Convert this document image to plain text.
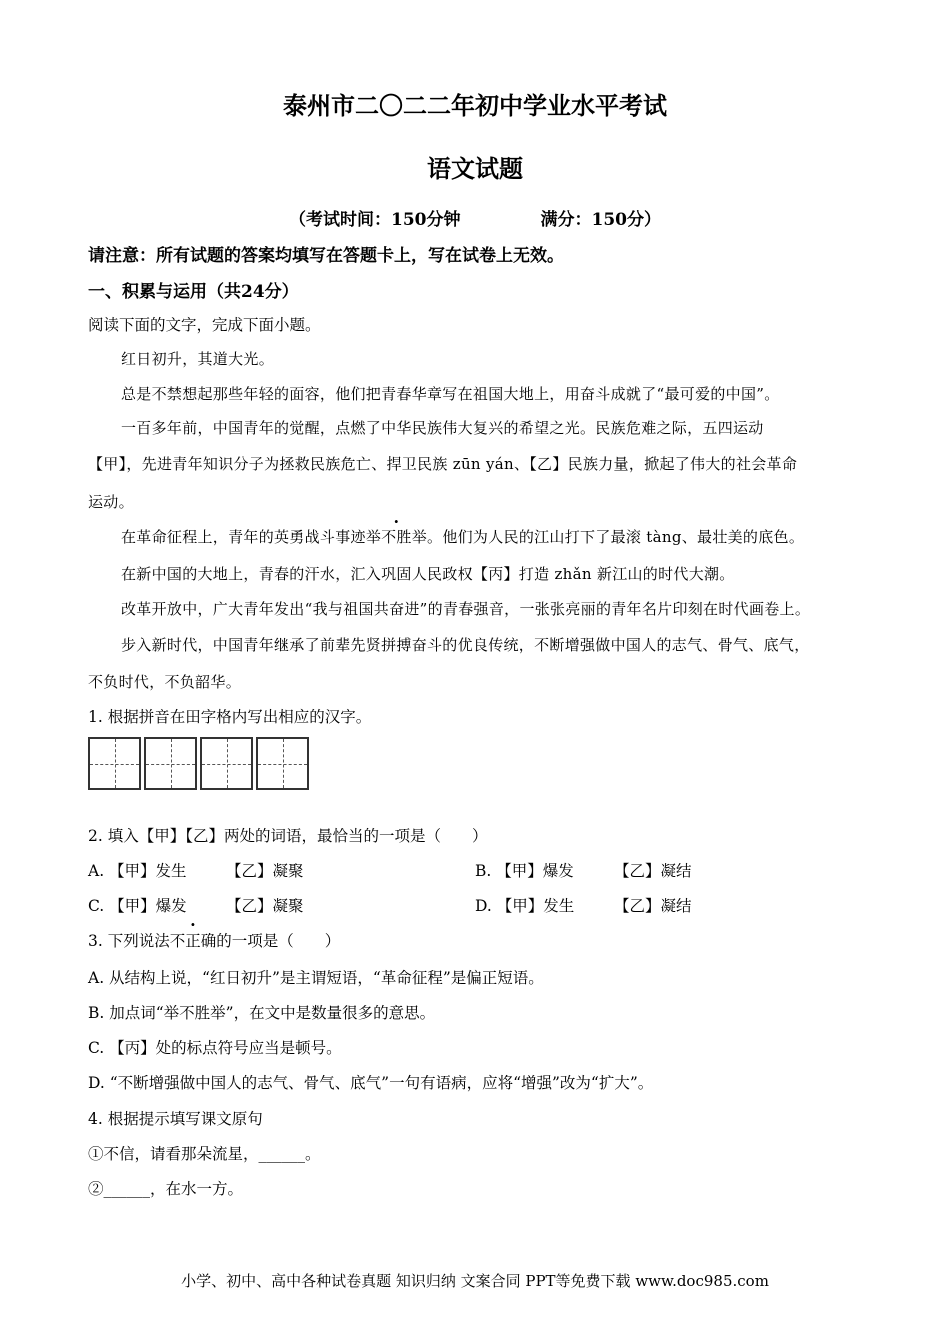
泰州市二〇二二年初中学业水平考试
语文试题
（考试时间：150分钟	满分：150分）
请注意：所有试题的答案均填写在答题卡上，写在试卷上无效。
一、积累与运用（共24分）
阅读下面的文字，完成下面小题。
红日初升，其道大光。
总是不禁想起那些年轻的面容，他们把青春华章写在祖国大地上，用奋斗成就了“最可爱的中国”。
一百多年前，中国青年的觉醒，点燃了中华民族伟大复兴的希望之光。民族危难之际，五四运动
【甲】，先进青年知识分子为拯救民族危亡、捍卫民族 zūn yán、【乙】民族力量，掀起了伟大的社会革命
运动。
在革命征程上，青年的英勇战斗事迹举不胜举。他们为人民的江山打下了最滚 tàng、最壮美的底色。
在新中国的大地上，青春的汗水，汇入巩固人民政权【丙】打造 zhǎn 新江山的时代大潮。
改革开放中，广大青年发出“我与祖国共奋进”的青春强音，一张张亮丽的青年名片印刻在时代画卷上。
步入新时代，中国青年继承了前辈先贤拼搏奋斗的优良传统，不断增强做中国人的志气、骨气、底气，
不负时代，不负韶华。
1. 根据拼音在田字格内写出相应的汉字。
2. 填入【甲】【乙】两处的词语，最恰当的一项是（　　）
A. 【甲】发生	【乙】凝聚	B. 【甲】爆发	【乙】凝结
C. 【甲】爆发	【乙】凝聚	D. 【甲】发生	【乙】凝结
3. 下列说法不正确的一项是（　　）
A. 从结构上说，“红日初升”是主谓短语，“革命征程”是偏正短语。
B. 加点词“举不胜举”，在文中是数量很多的意思。
C. 【丙】处的标点符号应当是顿号。
D. “不断增强做中国人的志气、骨气、底气”一句有语病，应将“增强”改为“扩大”。
4. 根据提示填写课文原句
①不信，请看那朵流星，______。
②______，在水一方。
小学、初中、高中各种试卷真题 知识归纳 文案合同 PPT等免费下载 www.doc985.com
